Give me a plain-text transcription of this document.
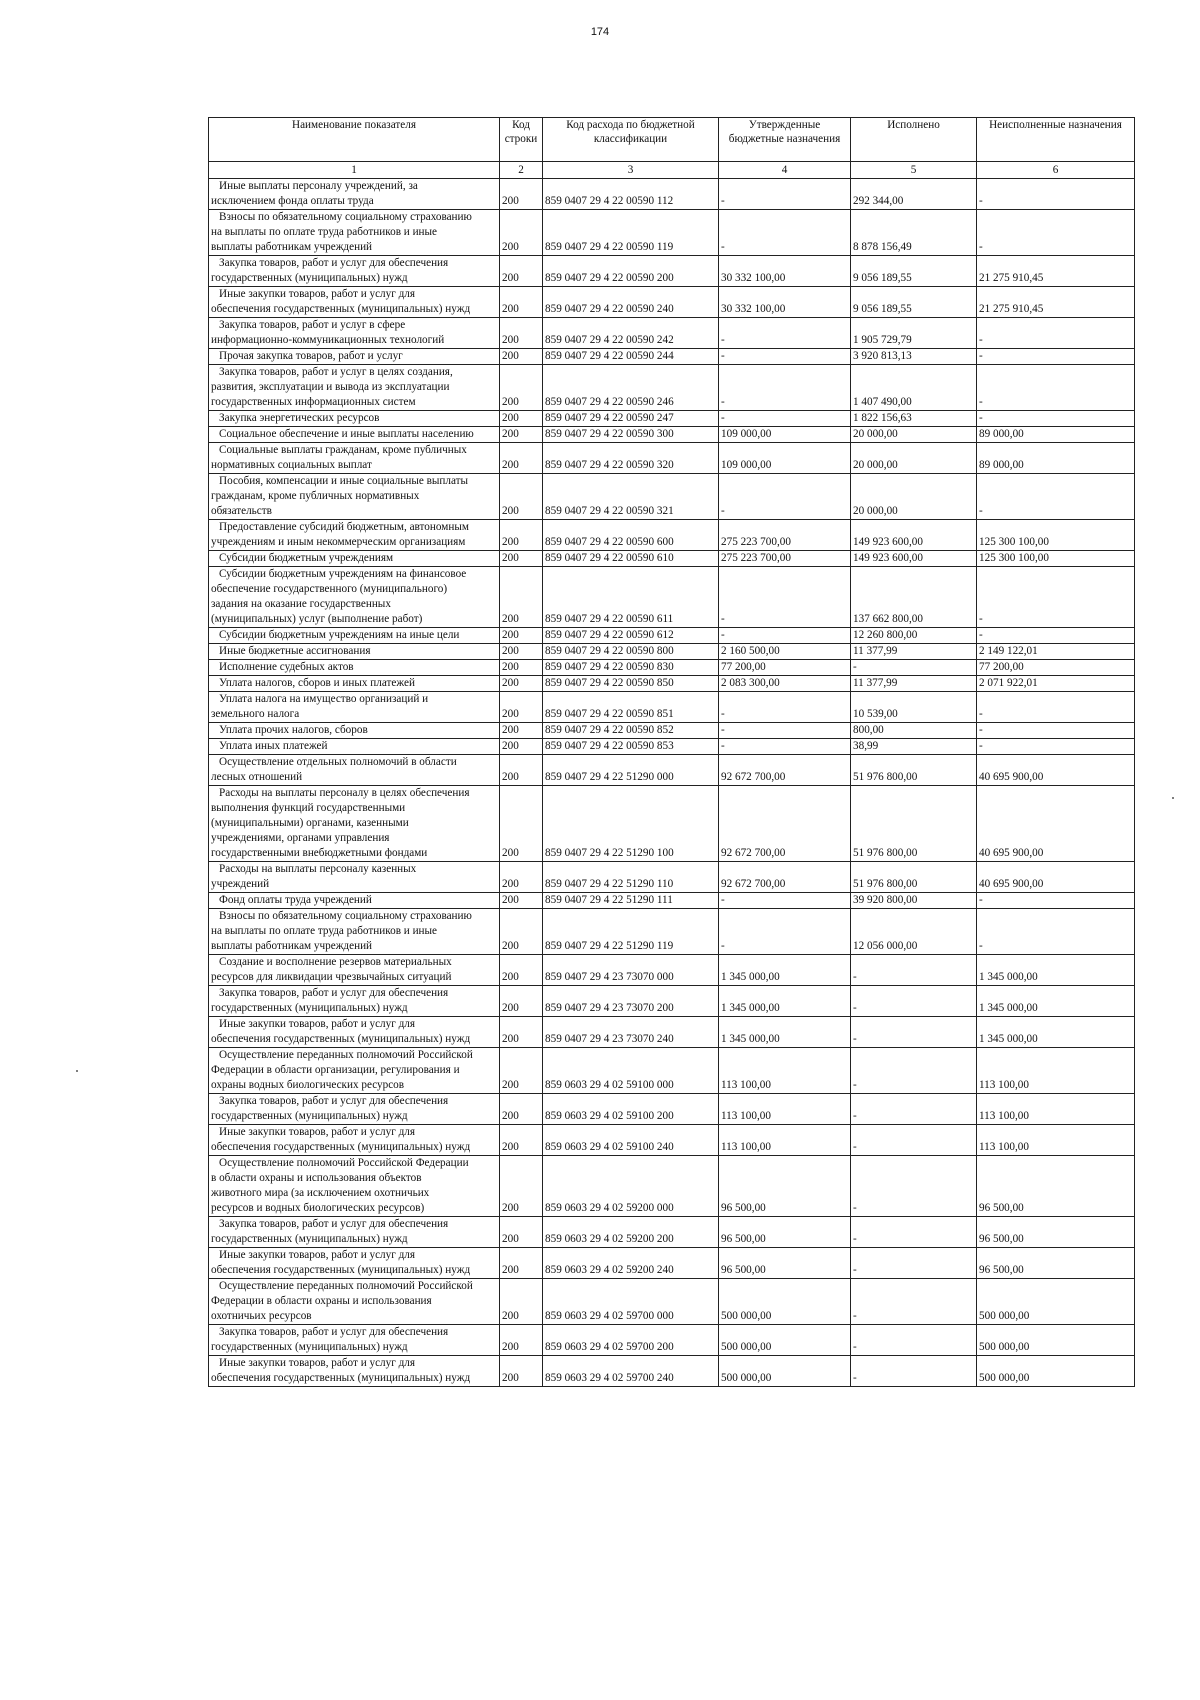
174
Наименование показателя	Код строки	Код расхода по бюджетной классификации	Утвержденные бюджетные назначения	Исполнено	Неисполненные назначения
1	2	3	4	5	6

Иные выплаты персоналу учреждений, за
исключением фонда оплаты труда	200	859 0407 29 4 22 00590 112	-	292 344,00	-

Взносы по обязательному социальному страхованию
на выплаты по оплате труда работников и иные
выплаты работникам учреждений	200	859 0407 29 4 22 00590 119	-	8 878 156,49	-

Закупка товаров, работ и услуг для обеспечения
государственных (муниципальных) нужд	200	859 0407 29 4 22 00590 200	30 332 100,00	9 056 189,55	21 275 910,45

Иные закупки товаров, работ и услуг для
обеспечения государственных (муниципальных) нужд	200	859 0407 29 4 22 00590 240	30 332 100,00	9 056 189,55	21 275 910,45

Закупка товаров, работ и услуг в сфере
информационно-коммуникационных технологий	200	859 0407 29 4 22 00590 242	-	1 905 729,79	-

Прочая закупка товаров, работ и услуг	200	859 0407 29 4 22 00590 244	-	3 920 813,13	-

Закупка товаров, работ и услуг в целях создания,
развития, эксплуатации и вывода из эксплуатации
государственных информационных систем	200	859 0407 29 4 22 00590 246	-	1 407 490,00	-

Закупка энергетических ресурсов	200	859 0407 29 4 22 00590 247	-	1 822 156,63	-

Социальное обеспечение и иные выплаты населению	200	859 0407 29 4 22 00590 300	109 000,00	20 000,00	89 000,00

Социальные выплаты гражданам, кроме публичных
нормативных социальных выплат	200	859 0407 29 4 22 00590 320	109 000,00	20 000,00	89 000,00

Пособия, компенсации и иные социальные выплаты
гражданам, кроме публичных нормативных
обязательств	200	859 0407 29 4 22 00590 321	-	20 000,00	-

Предоставление субсидий бюджетным, автономным
учреждениям и иным некоммерческим организациям	200	859 0407 29 4 22 00590 600	275 223 700,00	149 923 600,00	125 300 100,00

Субсидии бюджетным учреждениям	200	859 0407 29 4 22 00590 610	275 223 700,00	149 923 600,00	125 300 100,00

Субсидии бюджетным учреждениям на финансовое
обеспечение государственного (муниципального)
задания на оказание государственных
(муниципальных) услуг (выполнение работ)	200	859 0407 29 4 22 00590 611	-	137 662 800,00	-

Субсидии бюджетным учреждениям на иные цели	200	859 0407 29 4 22 00590 612	-	12 260 800,00	-

Иные бюджетные ассигнования	200	859 0407 29 4 22 00590 800	2 160 500,00	11 377,99	2 149 122,01

Исполнение судебных актов	200	859 0407 29 4 22 00590 830	77 200,00	-	77 200,00

Уплата налогов, сборов и иных платежей	200	859 0407 29 4 22 00590 850	2 083 300,00	11 377,99	2 071 922,01

Уплата налога на имущество организаций и
земельного налога	200	859 0407 29 4 22 00590 851	-	10 539,00	-

Уплата прочих налогов, сборов	200	859 0407 29 4 22 00590 852	-	800,00	-

Уплата иных платежей	200	859 0407 29 4 22 00590 853	-	38,99	-

Осуществление отдельных полномочий в области
лесных отношений	200	859 0407 29 4 22 51290 000	92 672 700,00	51 976 800,00	40 695 900,00

Расходы на выплаты персоналу в целях обеспечения
выполнения функций государственными
(муниципальными) органами, казенными
учреждениями, органами управления
государственными внебюджетными фондами	200	859 0407 29 4 22 51290 100	92 672 700,00	51 976 800,00	40 695 900,00

Расходы на выплаты персоналу казенных
учреждений	200	859 0407 29 4 22 51290 110	92 672 700,00	51 976 800,00	40 695 900,00

Фонд оплаты труда учреждений	200	859 0407 29 4 22 51290 111	-	39 920 800,00	-

Взносы по обязательному социальному страхованию
на выплаты по оплате труда работников и иные
выплаты работникам учреждений	200	859 0407 29 4 22 51290 119	-	12 056 000,00	-

Создание и восполнение резервов материальных
ресурсов для ликвидации чрезвычайных ситуаций	200	859 0407 29 4 23 73070 000	1 345 000,00	-	1 345 000,00

Закупка товаров, работ и услуг для обеспечения
государственных (муниципальных) нужд	200	859 0407 29 4 23 73070 200	1 345 000,00	-	1 345 000,00

Иные закупки товаров, работ и услуг для
обеспечения государственных (муниципальных) нужд	200	859 0407 29 4 23 73070 240	1 345 000,00	-	1 345 000,00

Осуществление переданных полномочий Российской
Федерации в области организации, регулирования и
охраны водных биологических ресурсов	200	859 0603 29 4 02 59100 000	113 100,00	-	113 100,00

Закупка товаров, работ и услуг для обеспечения
государственных (муниципальных) нужд	200	859 0603 29 4 02 59100 200	113 100,00	-	113 100,00

Иные закупки товаров, работ и услуг для
обеспечения государственных (муниципальных) нужд	200	859 0603 29 4 02 59100 240	113 100,00	-	113 100,00

Осуществление полномочий Российской Федерации
в области охраны и использования объектов
животного мира (за исключением охотничьих
ресурсов и водных биологических ресурсов)	200	859 0603 29 4 02 59200 000	96 500,00	-	96 500,00

Закупка товаров, работ и услуг для обеспечения
государственных (муниципальных) нужд	200	859 0603 29 4 02 59200 200	96 500,00	-	96 500,00

Иные закупки товаров, работ и услуг для
обеспечения государственных (муниципальных) нужд	200	859 0603 29 4 02 59200 240	96 500,00	-	96 500,00

Осуществление переданных полномочий Российской
Федерации в области охраны и использования
охотничьих ресурсов	200	859 0603 29 4 02 59700 000	500 000,00	-	500 000,00

Закупка товаров, работ и услуг для обеспечения
государственных (муниципальных) нужд	200	859 0603 29 4 02 59700 200	500 000,00	-	500 000,00

Иные закупки товаров, работ и услуг для
обеспечения государственных (муниципальных) нужд	200	859 0603 29 4 02 59700 240	500 000,00	-	500 000,00
